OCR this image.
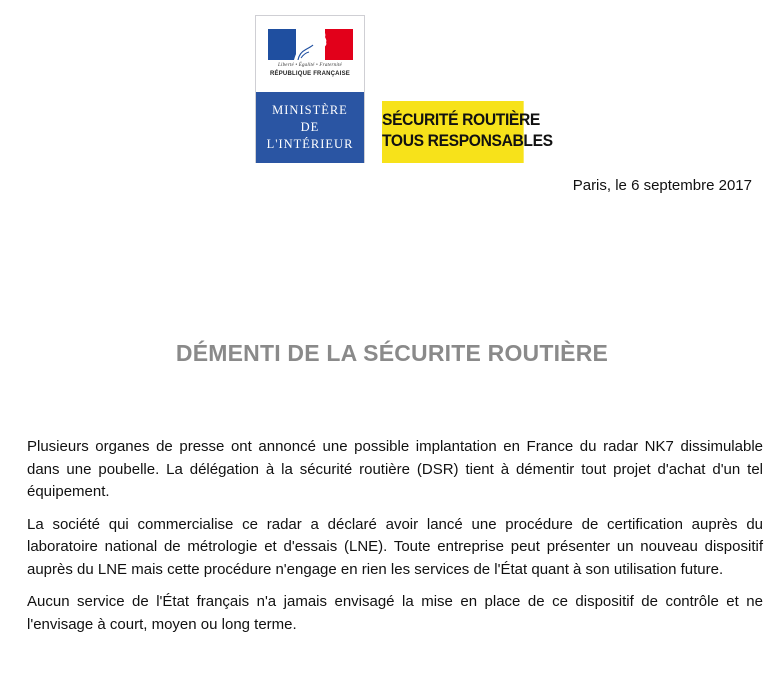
Liberté • Égalité • Fraternité
RÉPUBLIQUE FRANÇAISE
MINISTÈRE
DE
L'INTÉRIEUR
SÉCURITÉ ROUTIÈRE
TOUS RESPONSABLES
Paris, le 6 septembre 2017
DÉMENTI DE LA SÉCURITE ROUTIÈRE

Plusieurs organes de presse ont annoncé une possible implantation en France du radar NK7 dissimulable dans une poubelle. La délégation à la sécurité routière (DSR) tient à démentir tout projet d'achat d'un tel équipement.

La société qui commercialise ce radar a déclaré avoir lancé une procédure de certification auprès du laboratoire national de métrologie et d'essais (LNE). Toute entreprise peut présenter un nouveau dispositif auprès du LNE mais cette procédure n'engage en rien les services de l'État quant à son utilisation future.

Aucun service de l'État français n'a jamais envisagé la mise en place de ce dispositif de contrôle et ne l'envisage à court, moyen ou long terme.
